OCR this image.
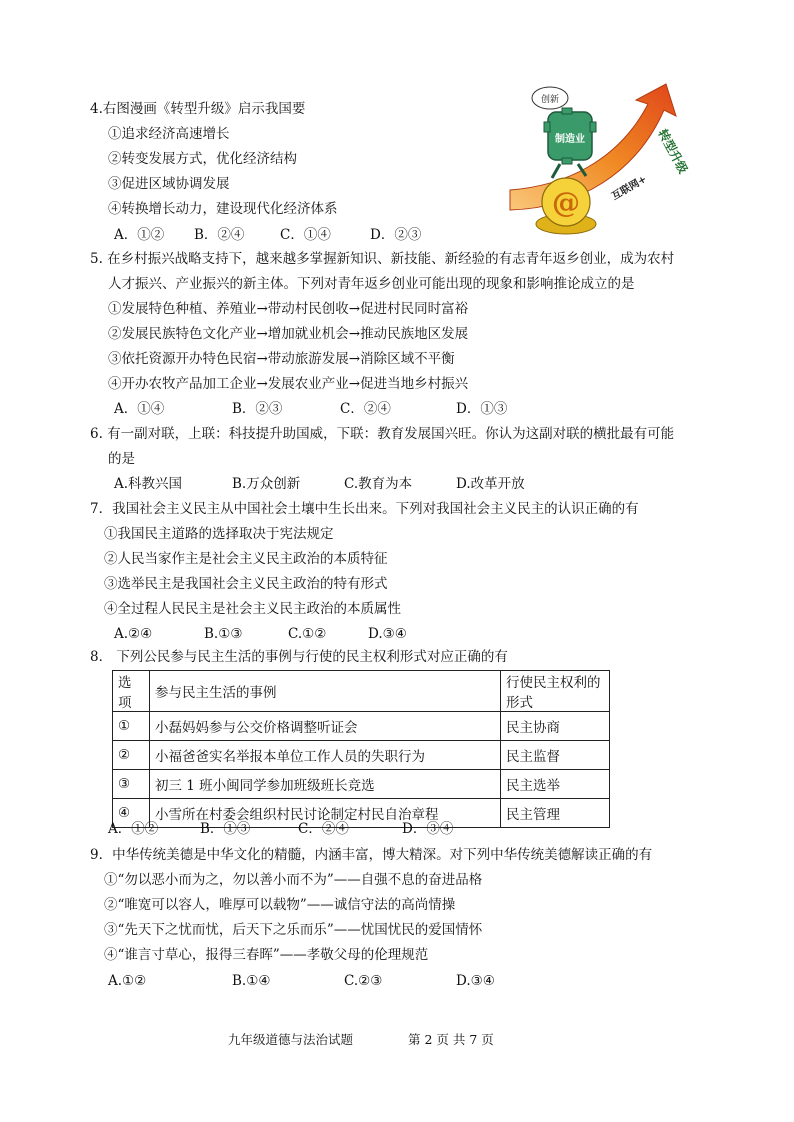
4.右图漫画《转型升级》启示我国要
①追求经济高速增长
②转变发展方式，优化经济结构
③促进区域协调发展
④转换增长动力，建设现代化经济体系
A．①② B．②④	C．①④	D．②③
转型升级
@	互联网+
制造业
创新
5. 在乡村振兴战略支持下，越来越多掌握新知识、新技能、新经验的有志青年返乡创业，成为农村
人才振兴、产业振兴的新主体。下列对青年返乡创业可能出现的现象和影响推论成立的是
①发展特色种植、养殖业→带动村民创收→促进村民同时富裕
②发展民族特色文化产业→增加就业机会→推动民族地区发展
③依托资源开办特色民宿→带动旅游发展→消除区域不平衡
④开办农牧产品加工企业→发展农业产业→促进当地乡村振兴
A．①④	B．②③	C．②④	D．①③
6. 有一副对联，上联：科技提升助国威，下联：教育发展国兴旺。你认为这副对联的横批最有可能
的是
A.科教兴国	B.万众创新	C.教育为本	D.改革开放
7．我国社会主义民主从中国社会土壤中生长出来。下列对我国社会主义民主的认识正确的有
①我国民主道路的选择取决于宪法规定
②人民当家作主是社会主义民主政治的本质特征
③选举民主是我国社会主义民主政治的特有形式
④全过程人民民主是社会主义民主政治的本质属性
A.②④	B.①③	C.①②	D.③④
8． 下列公民参与民主生活的事例与行使的民主权利形式对应正确的有
选项	参与民主生活的事例	行使民主权利的形式
①	小磊妈妈参与公交价格调整听证会	民主协商
②	小福爸爸实名举报本单位工作人员的失职行为	民主监督
③	初三 1 班小闽同学参加班级班长竞选	民主选举
④	小雪所在村委会组织村民讨论制定村民自治章程	民主管理
A．①②	B．①③	C．②④	D．③④
9．中华传统美德是中华文化的精髓，内涵丰富，博大精深。对下列中华传统美德解读正确的有
①“勿以恶小而为之，勿以善小而不为”——自强不息的奋进品格
②“唯宽可以容人，唯厚可以载物”——诚信守法的高尚情操
③“先天下之忧而忧，后天下之乐而乐”——忧国忧民的爱国情怀
④“谁言寸草心，报得三春晖”——孝敬父母的伦理规范
A.①②	B.①④	C.②③	D.③④
九年级道德与法治试题	第 2 页 共 7 页
